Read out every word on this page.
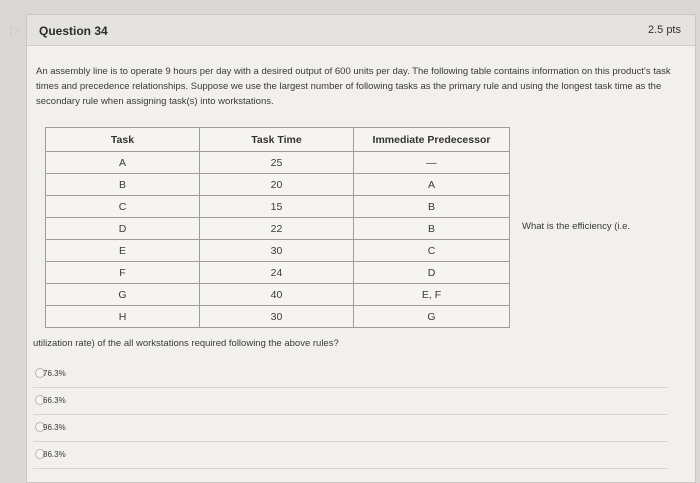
▷	Question 34	2.5 pts
An assembly line is to operate 9 hours per day with a desired output of 600 units per day. The following table contains information on this product's task times and precedence relationships. Suppose we use the largest number of following tasks as the primary rule and using the longest task time as the secondary rule when assigning task(s) into workstations.
Task	Task Time	Immediate Predecessor
A	25	—
B	20	A
C	15	B
D	22	B
E	30	C
F	24	D
G	40	E, F
H	30	G
What is the efficiency (i.e.
utilization rate) of the all workstations required following the above rules?
76.3%
66.3%
96.3%
86.3%
